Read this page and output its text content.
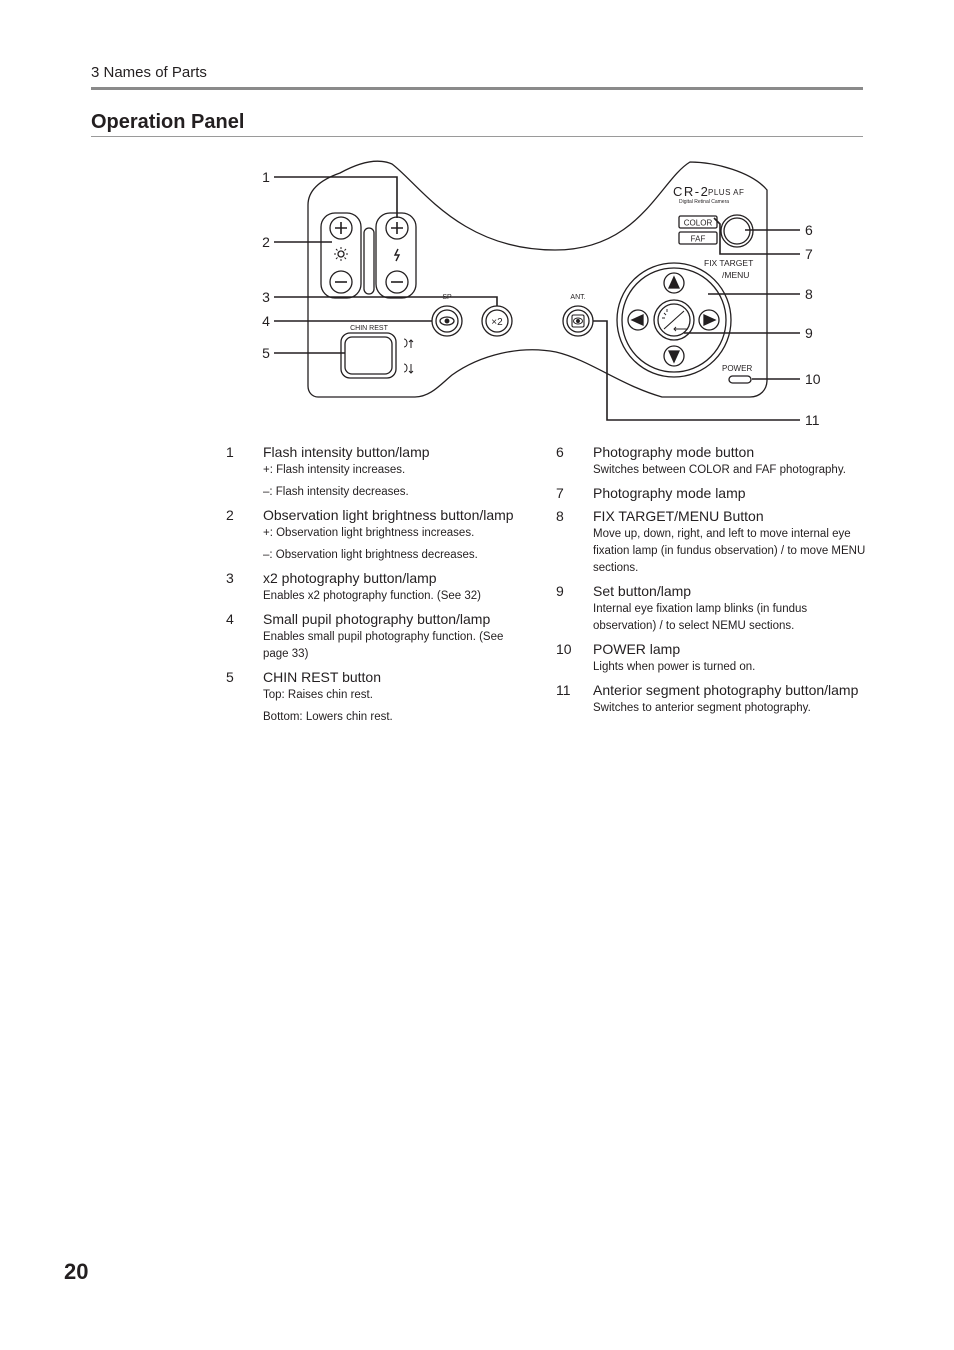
3 Names of Parts
Operation Panel
SP
×2
CHIN REST
ANT.
CR-2
PLUS AF
Digital Retinal Camera
COLOR
FAF
FIX TARGET
/MENU
POWER
1
2
3
4
5
6
7
8
9
10
11
1 Flash intensity button/lamp
+: Flash intensity increases.
–: Flash intensity decreases.
2 Observation light brightness button/lamp
+: Observation light brightness increases.
–: Observation light brightness decreases.
3 x2 photography button/lamp
Enables x2 photography function. (See 32)
4 Small pupil photography button/lamp
Enables small pupil photography function. (See page 33)
5 CHIN REST button
Top: Raises chin rest.
Bottom: Lowers chin rest.
6 Photography mode button
Switches between COLOR and FAF photography.
7 Photography mode lamp
8 FIX TARGET/MENU Button
Move up, down, right, and left to move internal eye fixation lamp (in fundus observation) / to move MENU sections.
9 Set button/lamp
Internal eye fixation lamp blinks (in fundus observation) / to select NEMU sections.
10 POWER lamp
Lights when power is turned on.
11 Anterior segment photography button/lamp
Switches to anterior segment photography.
20
